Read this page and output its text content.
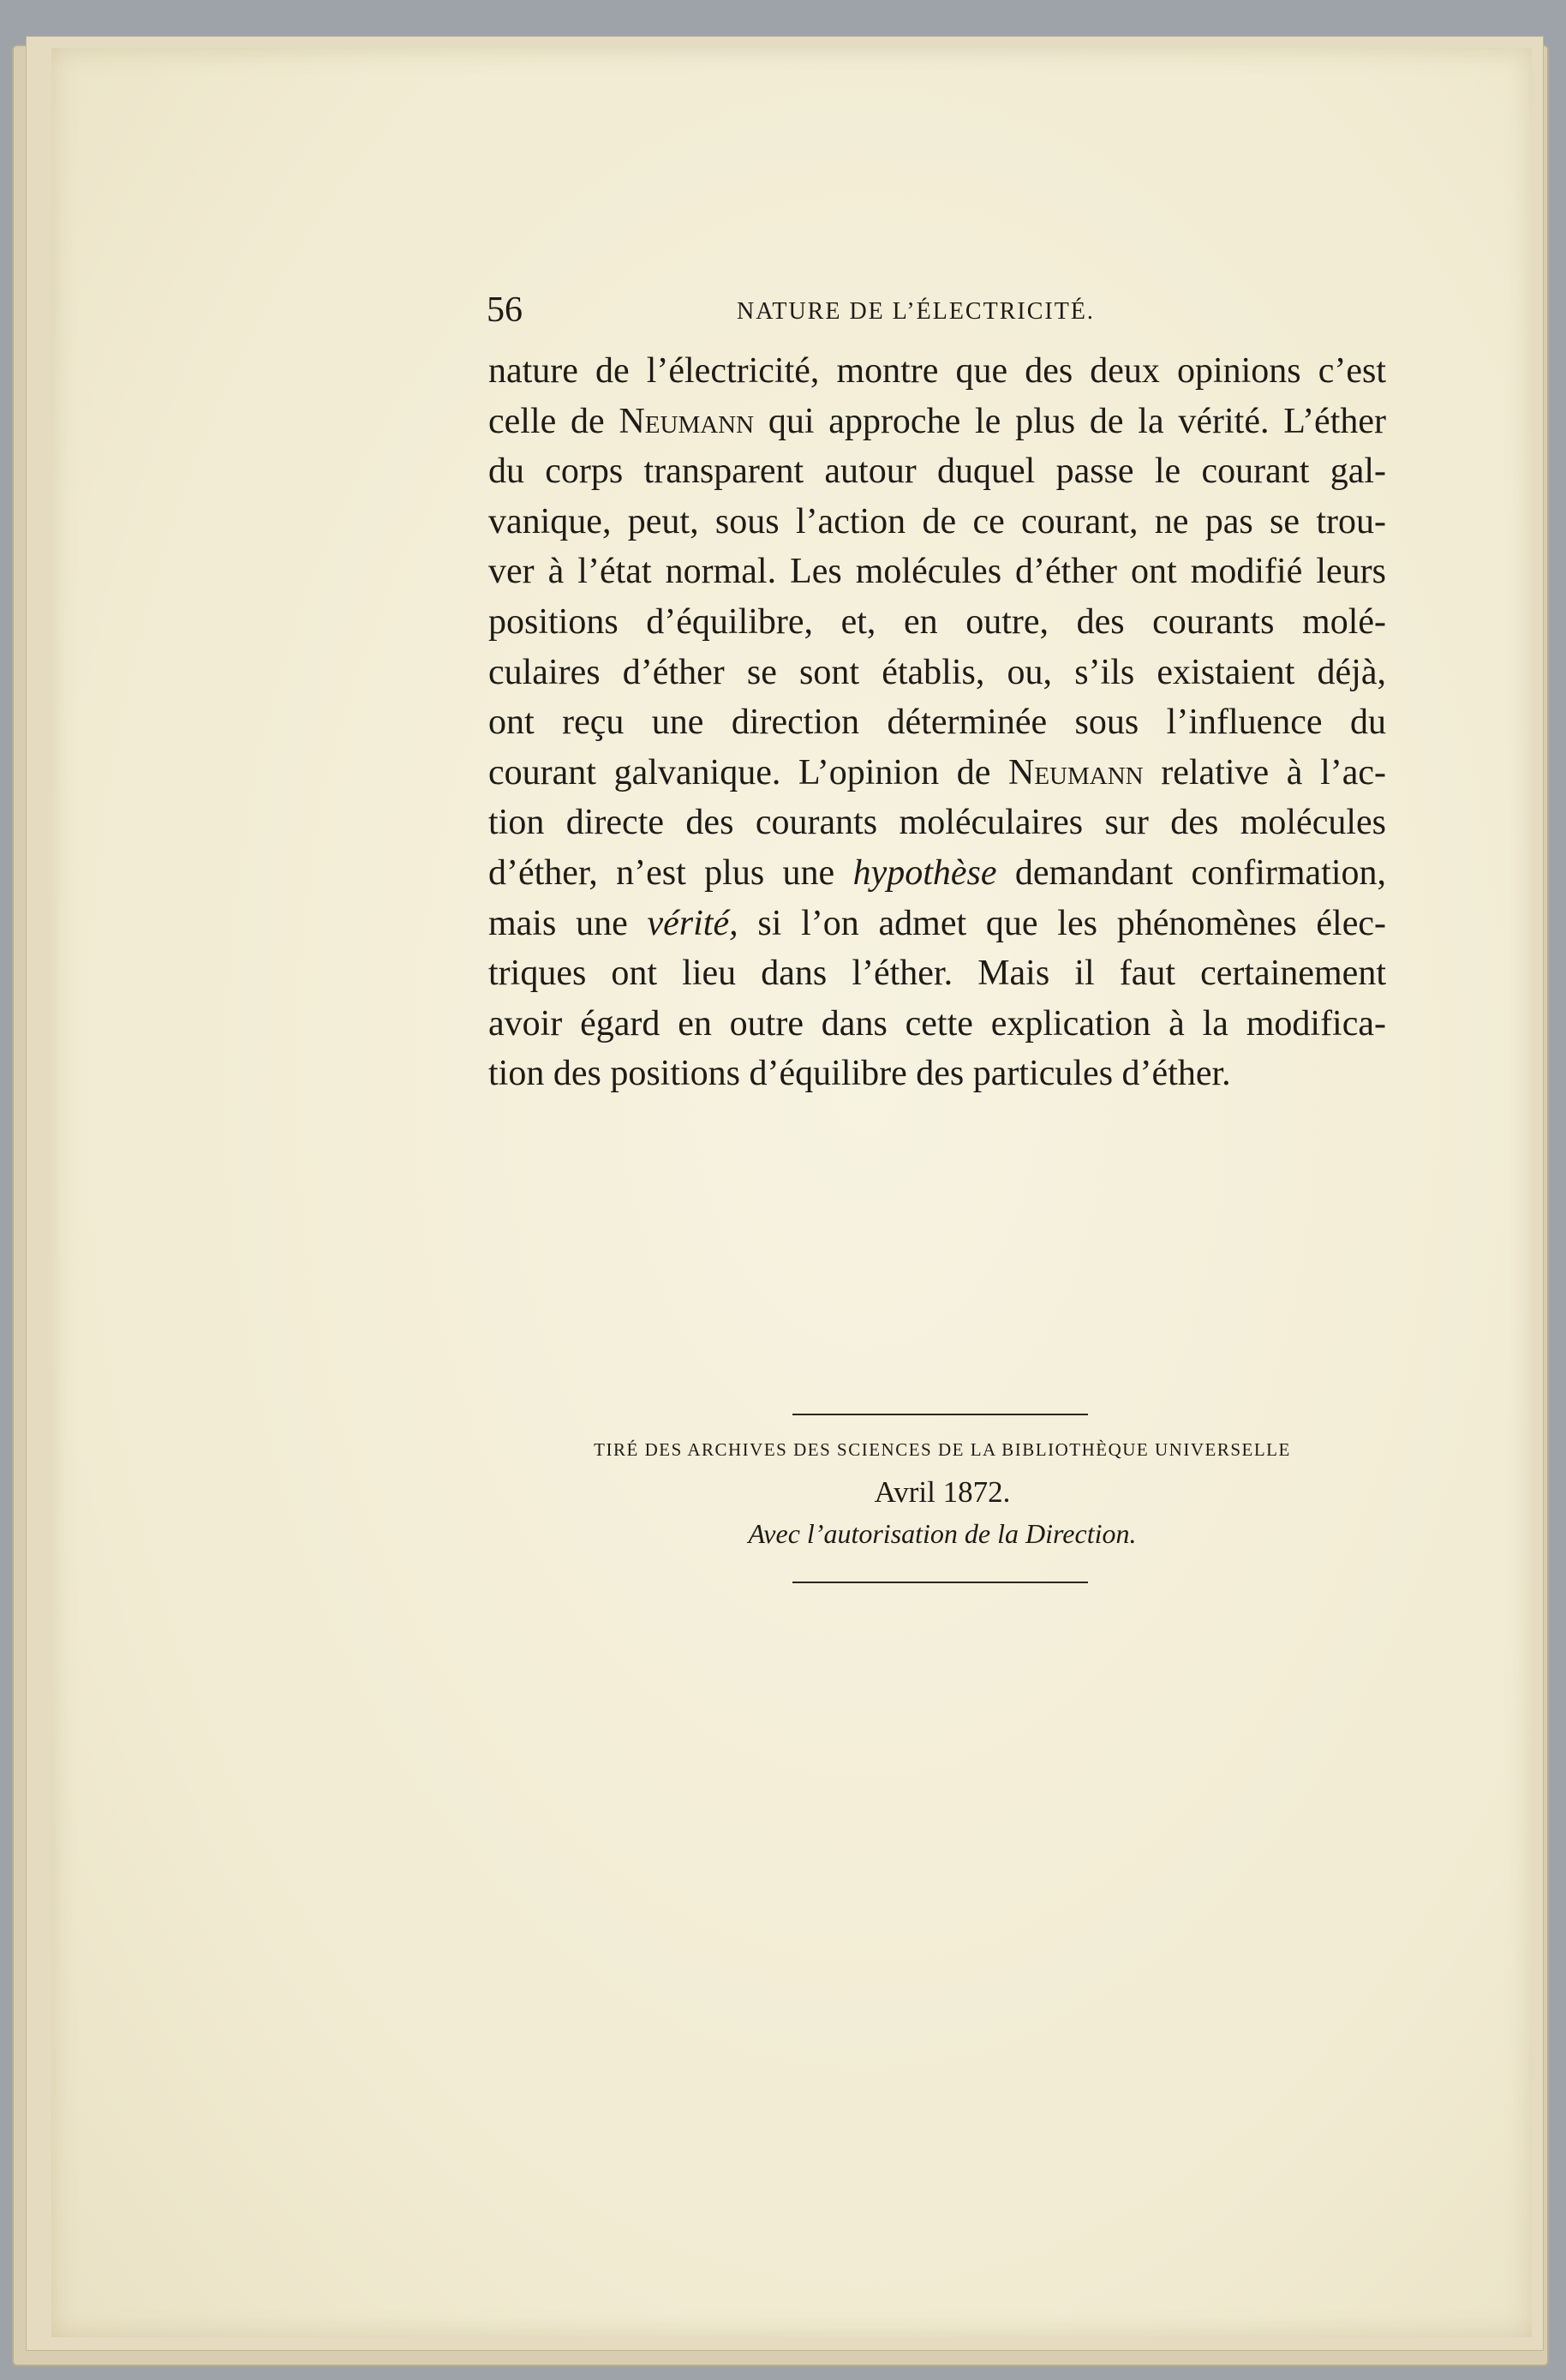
56	NATURE DE L’ÉLECTRICITÉ.
nature de l’électricité, montre que des deux opinions c’est
celle de Neumann qui approche le plus de la vérité. L’éther
du corps transparent autour duquel passe le courant gal-
vanique, peut, sous l’action de ce courant, ne pas se trou-
ver à l’état normal. Les molécules d’éther ont modifié leurs
positions d’équilibre, et, en outre, des courants molé-
culaires d’éther se sont établis, ou, s’ils existaient déjà,
ont reçu une direction déterminée sous l’influence du
courant galvanique. L’opinion de Neumann relative à l’ac-
tion directe des courants moléculaires sur des molécules
d’éther, n’est plus une hypothèse demandant confirmation,
mais une vérité, si l’on admet que les phénomènes élec-
triques ont lieu dans l’éther. Mais il faut certainement
avoir égard en outre dans cette explication à la modifica-
tion des positions d’équilibre des particules d’éther.
TIRÉ DES ARCHIVES DES SCIENCES DE LA BIBLIOTHÈQUE UNIVERSELLE
Avril 1872.
Avec l’autorisation de la Direction.
